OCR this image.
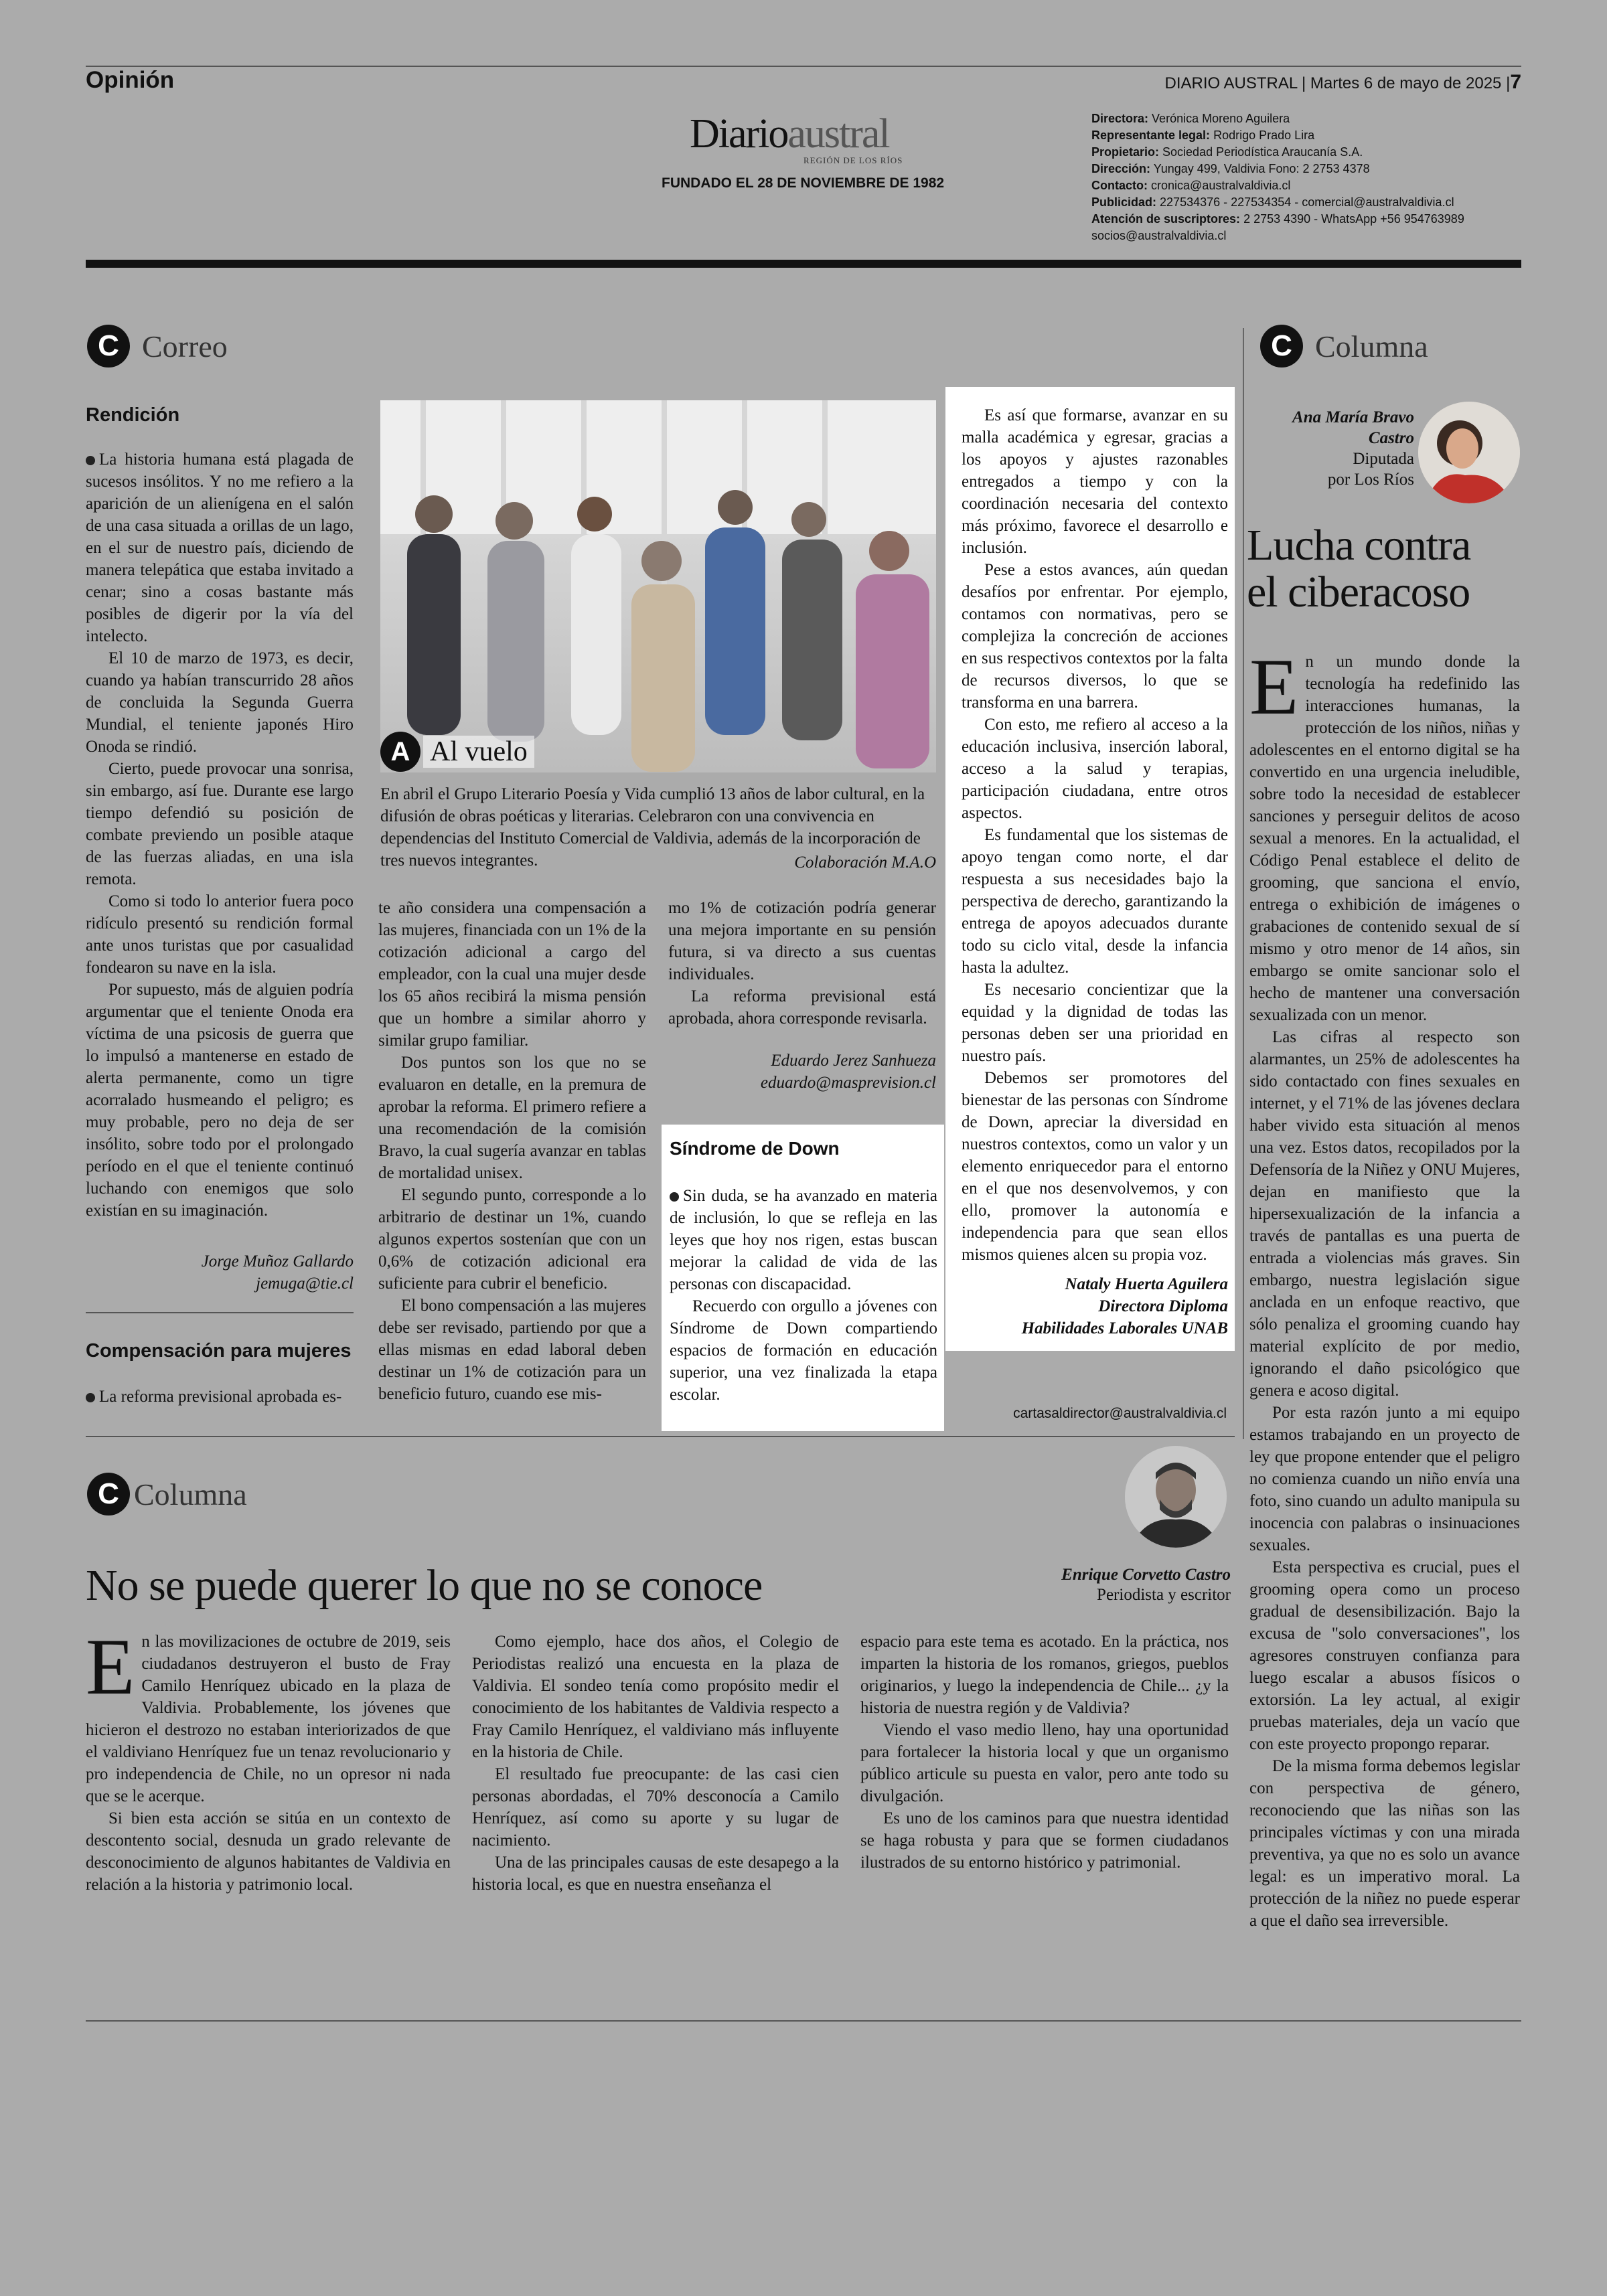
Opinión	DIARIO AUSTRAL | Martes 6 de mayo de 2025 |7
Diarioaustral
REGIÓN DE LOS RÍOS
FUNDADO EL 28 DE NOVIEMBRE DE 1982
Directora: Verónica Moreno Aguilera
Representante legal: Rodrigo Prado Lira
Propietario: Sociedad Periodística Araucanía S.A.
Dirección: Yungay 499, Valdivia Fono: 2 2753 4378
Contacto: cronica@australvaldivia.cl
Publicidad: 227534376 - 227534354 - comercial@australvaldivia.cl
Atención de suscriptores: 2 2753 4390 - WhatsApp +56 954763989
socios@australvaldivia.cl
C Correo
Rendición

La historia humana está plagada de sucesos insólitos. Y no me refiero a la aparición de un alienígena en el salón de una casa situada a orillas de un lago, en el sur de nuestro país, diciendo de manera telepática que estaba invitado a cenar; sino a cosas bastante más posibles de digerir por la vía del intelecto.

El 10 de marzo de 1973, es decir, cuando ya habían transcurrido 28 años de concluida la Segunda Guerra Mundial, el teniente japonés Hiro Onoda se rindió.

Cierto, puede provocar una sonrisa, sin embargo, así fue. Durante ese largo tiempo defendió su posición de combate previendo un posible ataque de las fuerzas aliadas, en una isla remota.

Como si todo lo anterior fuera poco ridículo presentó su rendición formal ante unos turistas que por casualidad fondearon su nave en la isla.

Por supuesto, más de alguien podría argumentar que el teniente Onoda era víctima de una psicosis de guerra que lo impulsó a mantenerse en estado de alerta permanente, como un tigre acorralado husmeando el peligro; es muy probable, pero no deja de ser insólito, sobre todo por el prolongado período en el que el teniente continuó luchando con enemigos que solo existían en su imaginación.

Jorge Muñoz Gallardo
jemuga@tie.cl
Compensación para mujeres

La reforma previsional aprobada es-

A Al vuelo

En abril el Grupo Literario Poesía y Vida cumplió 13 años de labor cultural, en la difusión de obras poéticas y literarias. Celebraron con una convivencia en dependencias del Instituto Comercial de Valdivia, además de la incorporación de tres nuevos integrantes.	Colaboración M.A.O

te año considera una compensación a las mujeres, financiada con un 1% de la cotización adicional a cargo del empleador, con la cual una mujer desde los 65 años recibirá la misma pensión que un hombre a similar ahorro y similar grupo familiar.

Dos puntos son los que no se evaluaron en detalle, en la premura de aprobar la reforma. El primero refiere a una recomendación de la comisión Bravo, la cual sugería avanzar en tablas de mortalidad unisex.

El segundo punto, corresponde a lo arbitrario de destinar un 1%, cuando algunos expertos sostenían que con un 0,6% de cotización adicional era suficiente para cubrir el beneficio.

El bono compensación a las mujeres debe ser revisado, partiendo por que a ellas mismas en edad laboral deben destinar un 1% de cotización para un beneficio futuro, cuando ese mis-

mo 1% de cotización podría generar una mejora importante en su pensión futura, si va directo a sus cuentas individuales.

La reforma previsional está aprobada, ahora corresponde revisarla.

Eduardo Jerez Sanhueza
eduardo@masprevision.cl
Síndrome de Down

Sin duda, se ha avanzado en materia de inclusión, lo que se refleja en las leyes que hoy nos rigen, estas buscan mejorar la calidad de vida de las personas con discapacidad.

Recuerdo con orgullo a jóvenes con Síndrome de Down compartiendo espacios de formación en educación superior, una vez finalizada la etapa escolar.

Es así que formarse, avanzar en su malla académica y egresar, gracias a los apoyos y ajustes razonables entregados a tiempo y con la coordinación necesaria del contexto más próximo, favorece el desarrollo e inclusión.

Pese a estos avances, aún quedan desafíos por enfrentar. Por ejemplo, contamos con normativas, pero se complejiza la concreción de acciones en sus respectivos contextos por la falta de recursos diversos, lo que se transforma en una barrera.

Con esto, me refiero al acceso a la educación inclusiva, inserción laboral, acceso a la salud y terapias, participación ciudadana, entre otros aspectos.

Es fundamental que los sistemas de apoyo tengan como norte, el dar respuesta a sus necesidades bajo la perspectiva de derecho, garantizando la entrega de apoyos adecuados durante todo su ciclo vital, desde la infancia hasta la adultez.

Es necesario concientizar que la equidad y la dignidad de todas las personas deben ser una prioridad en nuestro país.

Debemos ser promotores del bienestar de las personas con Síndrome de Down, apreciar la diversidad en nuestros contextos, como un valor y un elemento enriquecedor para el entorno en el que nos desenvolvemos, y con ello, promover la autonomía e independencia para que sean ellos mismos quienes alcen su propia voz.

Nataly Huerta Aguilera
Directora Diploma
Habilidades Laborales UNAB
cartasaldirector@australvaldivia.cl
C Columna
Ana María Bravo Castro
Diputada
por Los Ríos
Lucha contra
el ciberacoso

En un mundo donde la tecnología ha redefinido las interacciones humanas, la protección de los niños, niñas y adolescentes en el entorno digital se ha convertido en una urgencia ineludible, sobre todo la necesidad de establecer sanciones y perseguir delitos de acoso sexual a menores. En la actualidad, el Código Penal establece el delito de grooming, que sanciona el envío, entrega o exhibición de imágenes o grabaciones de contenido sexual de sí mismo y otro menor de 14 años, sin embargo se omite sancionar solo el hecho de mantener una conversación sexualizada con un menor.

Las cifras al respecto son alarmantes, un 25% de adolescentes ha sido contactado con fines sexuales en internet, y el 71% de las jóvenes declara haber vivido esta situación al menos una vez. Estos datos, recopilados por la Defensoría de la Niñez y ONU Mujeres, dejan en manifiesto que la hipersexualización de la infancia a través de pantallas es una puerta de entrada a violencias más graves. Sin embargo, nuestra legislación sigue anclada en un enfoque reactivo, que sólo penaliza el grooming cuando hay material explícito de por medio, ignorando el daño psicológico que genera e acoso digital.

Por esta razón junto a mi equipo estamos trabajando en un proyecto de ley que propone entender que el peligro no comienza cuando un niño envía una foto, sino cuando un adulto manipula su inocencia con palabras o insinuaciones sexuales.

Esta perspectiva es crucial, pues el grooming opera como un proceso gradual de desensibilización. Bajo la excusa de "solo conversaciones", los agresores construyen confianza para luego escalar a abusos físicos o extorsión. La ley actual, al exigir pruebas materiales, deja un vacío que con este proyecto propongo reparar.

De la misma forma debemos legislar con perspectiva de género, reconociendo que las niñas son las principales víctimas y con una mirada preventiva, ya que no es solo un avance legal: es un imperativo moral. La protección de la niñez no puede esperar a que el daño sea irreversible.

C Columna
Enrique Corvetto Castro
Periodista y escritor
No se puede querer lo que no se conoce

En las movilizaciones de octubre de 2019, seis ciudadanos destruyeron el busto de Fray Camilo Henríquez ubicado en la plaza de Valdivia. Probablemente, los jóvenes que hicieron el destrozo no estaban interiorizados de que el valdiviano Henríquez fue un tenaz revolucionario y pro independencia de Chile, no un opresor ni nada que se le acerque.

Si bien esta acción se sitúa en un contexto de descontento social, desnuda un grado relevante de desconocimiento de algunos habitantes de Valdivia en relación a la historia y patrimonio local.

Como ejemplo, hace dos años, el Colegio de Periodistas realizó una encuesta en la plaza de Valdivia. El sondeo tenía como propósito medir el conocimiento de los habitantes de Valdivia respecto a Fray Camilo Henríquez, el valdiviano más influyente en la historia de Chile.

El resultado fue preocupante: de las casi cien personas abordadas, el 70% desconocía a Camilo Henríquez, así como su aporte y su lugar de nacimiento.

Una de las principales causas de este desapego a la historia local, es que en nuestra enseñanza el

espacio para este tema es acotado. En la práctica, nos imparten la historia de los romanos, griegos, pueblos originarios, y luego la independencia de Chile... ¿y la historia de nuestra región y de Valdivia?

Viendo el vaso medio lleno, hay una oportunidad para fortalecer la historia local y que un organismo público articule su puesta en valor, pero ante todo su divulgación.

Es uno de los caminos para que nuestra identidad se haga robusta y para que se formen ciudadanos ilustrados de su entorno histórico y patrimonial.
